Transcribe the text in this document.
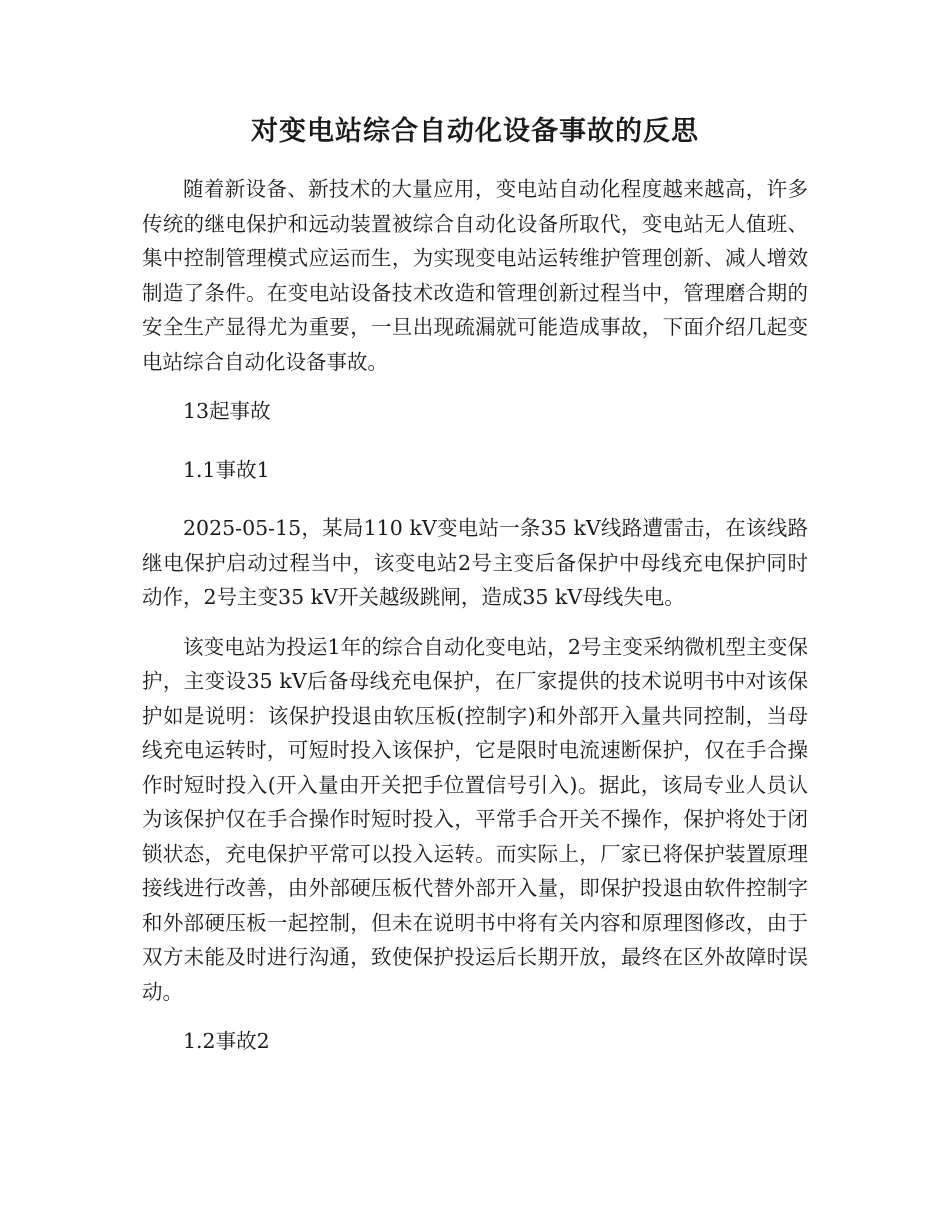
对变电站综合自动化设备事故的反思

随着新设备、新技术的大量应用，变电站自动化程度越来越高，许多传统的继电保护和远动装置被综合自动化设备所取代，变电站无人值班、集中控制管理模式应运而生，为实现变电站运转维护管理创新、减人增效制造了条件。在变电站设备技术改造和管理创新过程当中，管理磨合期的安全生产显得尤为重要，一旦出现疏漏就可能造成事故，下面介绍几起变电站综合自动化设备事故。

13起事故

1.1事故1

2025-05-15，某局110 kV变电站一条35 kV线路遭雷击，在该线路继电保护启动过程当中，该变电站2号主变后备保护中母线充电保护同时动作，2号主变35 kV开关越级跳闸，造成35 kV母线失电。

该变电站为投运1年的综合自动化变电站，2号主变采纳微机型主变保护，主变设35 kV后备母线充电保护，在厂家提供的技术说明书中对该保护如是说明：该保护投退由软压板(控制字)和外部开入量共同控制，当母线充电运转时，可短时投入该保护，它是限时电流速断保护，仅在手合操作时短时投入(开入量由开关把手位置信号引入)。据此，该局专业人员认为该保护仅在手合操作时短时投入，平常手合开关不操作，保护将处于闭锁状态，充电保护平常可以投入运转。而实际上，厂家已将保护装置原理接线进行改善，由外部硬压板代替外部开入量，即保护投退由软件控制字和外部硬压板一起控制，但未在说明书中将有关内容和原理图修改，由于双方未能及时进行沟通，致使保护投运后长期开放，最终在区外故障时误动。

1.2事故2
